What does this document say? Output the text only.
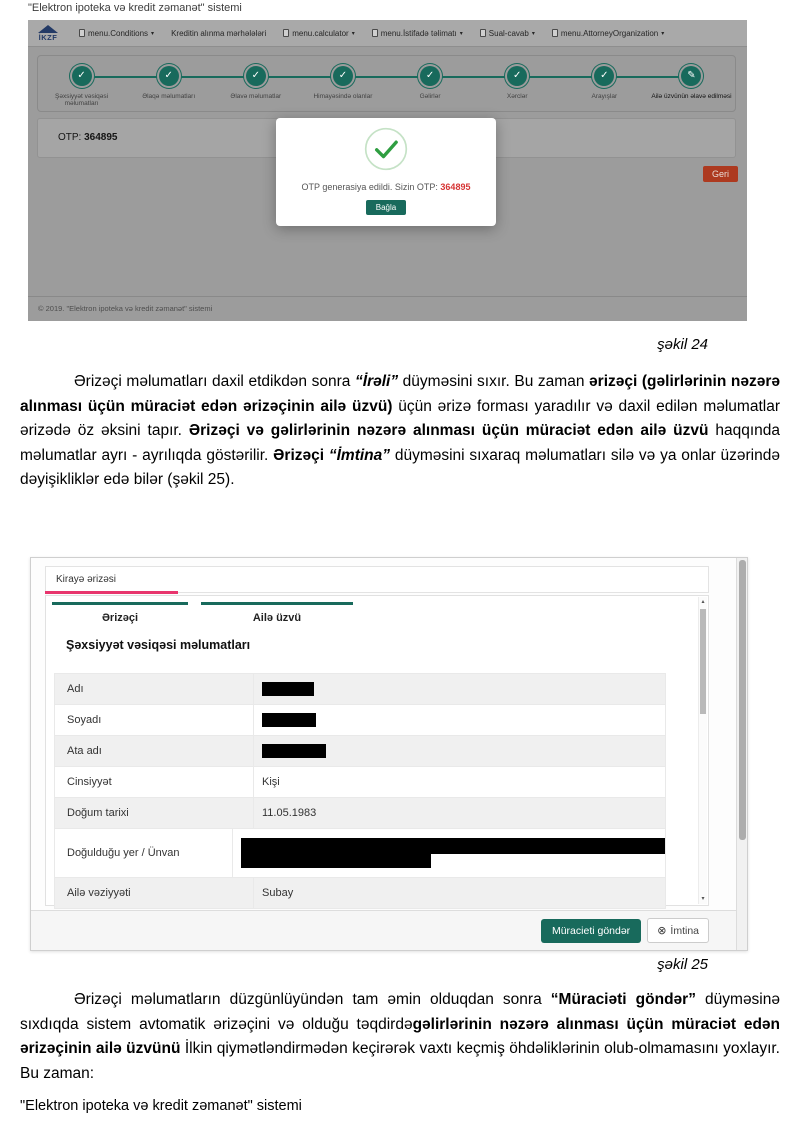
"Elektron ipoteka və kredit zəmanət" sistemi
İKZF	menu.Conditions ▾ Kreditin alınma mərhələləri	menu.calculator ▾	menu.İstifadə təlimatı ▾	Sual-cavab ▾	menu.AttorneyOrganization ▾
✓
Şəxsiyyət vəsiqəsi məlumatları
✓
Əlaqə məlumatları
✓
Əlavə məlumatlar
✓
Himayəsində olanlar
✓
Gəlirlər
✓
Xərclər
✓
Arayışlar
✎
Ailə üzvünün əlavə edilməsi
OTP: 364895
Geri
OTP generasiya edildi. Sizin OTP: 364895
Bağla
© 2019. "Elektron ipoteka və kredit zəmanət" sistemi
şəkil 24

Ərizəçi məlumatları daxil etdikdən sonra “İrəli” düyməsini sıxır. Bu zaman ərizəçi (gəlirlərinin nəzərə alınması üçün müraciət edən ərizəçinin ailə üzvü) üçün ərizə forması yaradılır və daxil edilən məlumatlar ərizədə öz əksini tapır. Ərizəçi və gəlirlərinin nəzərə alınması üçün müraciət edən ailə üzvü haqqında məlumatlar ayrı - ayrılıqda göstərilir. Ərizəçi “İmtina” düyməsini sıxaraq məlumatları silə və ya onlar üzərində dəyişikliklər edə bilər (şəkil 25).

Kirayə ərizəsi
Ərizəçi	Ailə üzvü
Şəxsiyyət vəsiqəsi məlumatları
Adı
Soyadı
Ata adı
Cinsiyyət	Kişi
Doğum tarixi	11.05.1983
Doğulduğu yer / Ünvan
Ailə vəziyyəti	Subay
▴
▾
Müracieti göndər	⊗ İmtina
şəkil 25

Ərizəçi məlumatların düzgünlüyündən tam əmin olduqdan sonra “Müraciəti göndər” düyməsinə sıxdıqda sistem avtomatik ərizəçini və olduğu təqdirdəgəlirlərinin nəzərə alınması üçün müraciət edən ərizəçinin ailə üzvünü İlkin qiymətləndirmədən keçirərək vaxtı keçmiş öhdəliklərinin olub-olmamasını yoxlayır. Bu zaman:

"Elektron ipoteka və kredit zəmanət" sistemi
